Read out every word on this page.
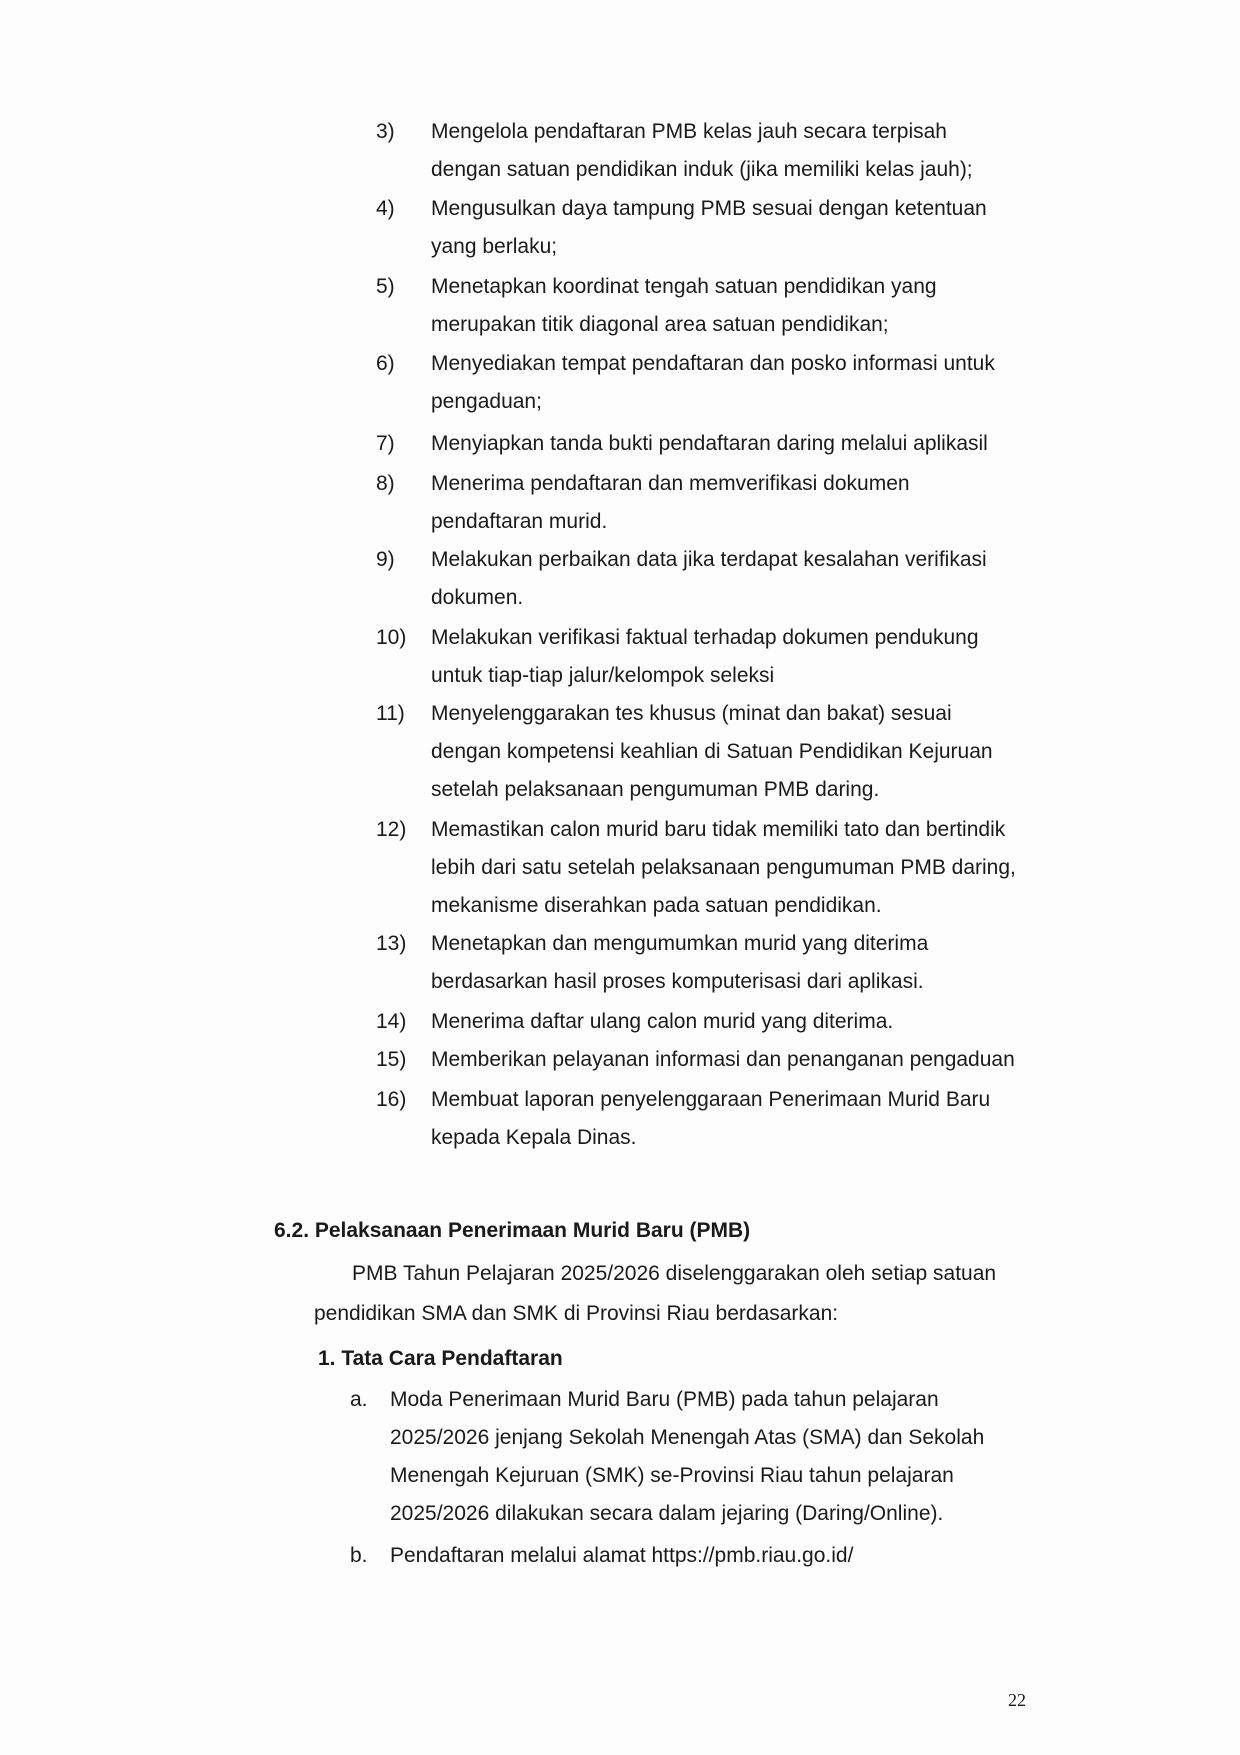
3)	Mengelola pendaftaran PMB kelas jauh secara terpisah
dengan satuan pendidikan induk (jika memiliki kelas jauh);
4)	Mengusulkan daya tampung PMB sesuai dengan ketentuan
yang berlaku;
5)	Menetapkan koordinat tengah satuan pendidikan yang
merupakan titik diagonal area satuan pendidikan;
6)	Menyediakan tempat pendaftaran dan posko informasi untuk
pengaduan;
7)	Menyiapkan tanda bukti pendaftaran daring melalui aplikasil
8)	Menerima pendaftaran dan memverifikasi dokumen
pendaftaran murid.
9)	Melakukan perbaikan data jika terdapat kesalahan verifikasi
dokumen.
10)	Melakukan verifikasi faktual terhadap dokumen pendukung
untuk tiap-tiap jalur/kelompok seleksi
11)	Menyelenggarakan tes khusus (minat dan bakat) sesuai
dengan kompetensi keahlian di Satuan Pendidikan Kejuruan
setelah pelaksanaan pengumuman PMB daring.
12)	Memastikan calon murid baru tidak memiliki tato dan bertindik
lebih dari satu setelah pelaksanaan pengumuman PMB daring,
mekanisme diserahkan pada satuan pendidikan.
13)	Menetapkan dan mengumumkan murid yang diterima
berdasarkan hasil proses komputerisasi dari aplikasi.
14)	Menerima daftar ulang calon murid yang diterima.
15)	Memberikan pelayanan informasi dan penanganan pengaduan
16)	Membuat laporan penyelenggaraan Penerimaan Murid Baru
kepada Kepala Dinas.
6.2. Pelaksanaan Penerimaan Murid Baru (PMB)
PMB Tahun Pelajaran 2025/2026 diselenggarakan oleh setiap satuan
pendidikan SMA dan SMK di Provinsi Riau berdasarkan:
1. Tata Cara Pendaftaran
a. Moda Penerimaan Murid Baru (PMB) pada tahun pelajaran
2025/2026 jenjang Sekolah Menengah Atas (SMA) dan Sekolah
Menengah Kejuruan (SMK) se-Provinsi Riau tahun pelajaran
2025/2026 dilakukan secara dalam jejaring (Daring/Online).
b. Pendaftaran melalui alamat https://pmb.riau.go.id/
22
